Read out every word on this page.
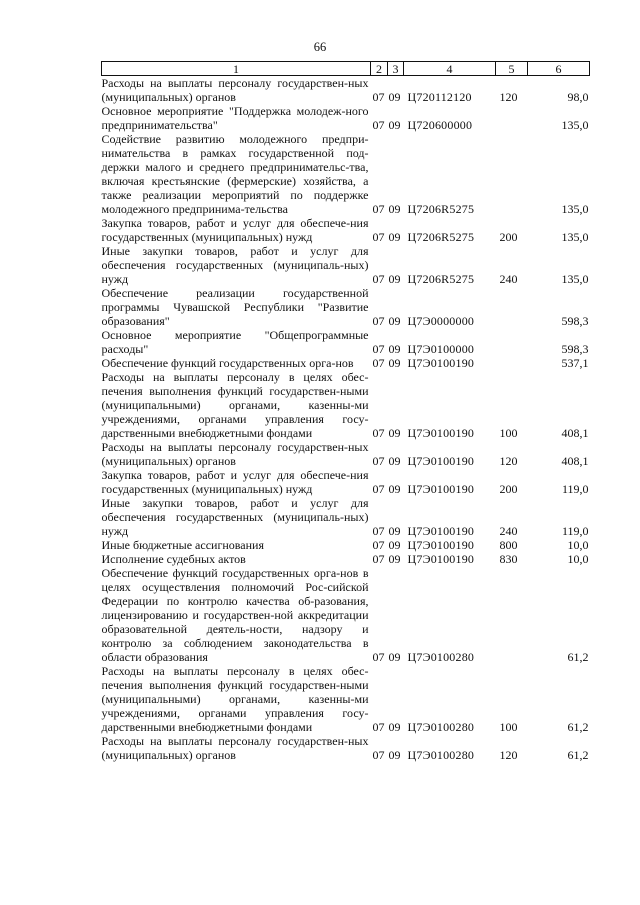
66
1	2	3	4	5	6
Расходы на выплаты персоналу государствен-ных (муниципальных) органов	07	09	Ц720112120	120	98,0
Основное мероприятие "Поддержка молодеж-ного предпринимательства"	07	09	Ц720600000		135,0
Содействие развитию молодежного предпри-нимательства в рамках государственной под-держки малого и среднего предпринимательс-тва, включая крестьянские (фермерские) хозяйства, а также реализации мероприятий по поддержке молодежного предпринима-тельства	07	09	Ц7206R5275		135,0
Закупка товаров, работ и услуг для обеспече-ния государственных (муниципальных) нужд	07	09	Ц7206R5275	200	135,0
Иные закупки товаров, работ и услуг для обеспечения государственных (муниципаль-ных) нужд	07	09	Ц7206R5275	240	135,0
Обеспечение реализации государственной программы Чувашской Республики "Развитие образования"	07	09	Ц7Э0000000		598,3
Основное мероприятие "Общепрограммные расходы"	07	09	Ц7Э0100000		598,3
Обеспечение функций государственных орга-нов	07	09	Ц7Э0100190		537,1
Расходы на выплаты персоналу в целях обес-печения выполнения функций государствен-ными (муниципальными) органами, казенны-ми учреждениями, органами управления госу-дарственными внебюджетными фондами	07	09	Ц7Э0100190	100	408,1
Расходы на выплаты персоналу государствен-ных (муниципальных) органов	07	09	Ц7Э0100190	120	408,1
Закупка товаров, работ и услуг для обеспече-ния государственных (муниципальных) нужд	07	09	Ц7Э0100190	200	119,0
Иные закупки товаров, работ и услуг для обеспечения государственных (муниципаль-ных) нужд	07	09	Ц7Э0100190	240	119,0
Иные бюджетные ассигнования	07	09	Ц7Э0100190	800	10,0
Исполнение судебных актов	07	09	Ц7Э0100190	830	10,0
Обеспечение функций государственных орга-нов в целях осуществления полномочий Рос-сийской Федерации по контролю качества об-разования, лицензированию и государствен-ной аккредитации образовательной деятель-ности, надзору и контролю за соблюдением законодательства в области образования	07	09	Ц7Э0100280		61,2
Расходы на выплаты персоналу в целях обес-печения выполнения функций государствен-ными (муниципальными) органами, казенны-ми учреждениями, органами управления госу-дарственными внебюджетными фондами	07	09	Ц7Э0100280	100	61,2
Расходы на выплаты персоналу государствен-ных (муниципальных) органов	07	09	Ц7Э0100280	120	61,2
